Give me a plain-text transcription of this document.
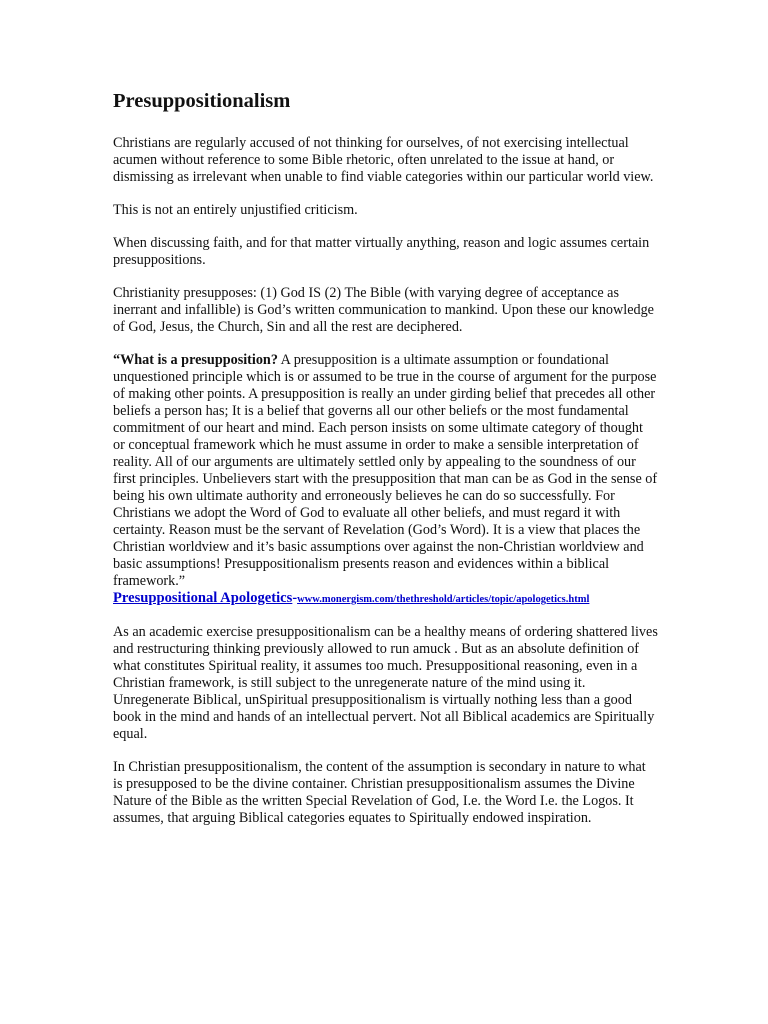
Presuppositionalism

Christians are regularly accused of not thinking for ourselves, of not exercising intellectual acumen without reference to some Bible rhetoric, often unrelated to the issue at hand, or dismissing as irrelevant when unable to find viable categories within our particular world view.

This is not an entirely unjustified criticism.

When discussing faith, and for that matter virtually anything, reason and logic assumes certain presuppositions.

Christianity presupposes: (1) God IS (2) The Bible (with varying degree of acceptance as inerrant and infallible) is God’s written communication to mankind. Upon these our knowledge of God, Jesus, the Church, Sin and all the rest are deciphered.

“What is a presupposition? A presupposition is a ultimate assumption or foundational unquestioned principle which is or assumed to be true in the course of argument for the purpose of making other points. A presupposition is really an under girding belief that precedes all other beliefs a person has; It is a belief that governs all our other beliefs or the most fundamental commitment of our heart and mind. Each person insists on some ultimate category of thought or conceptual framework which he must assume in order to make a sensible interpretation of reality. All of our arguments are ultimately settled only by appealing to the soundness of our first principles. Unbelievers start with the presupposition that man can be as God in the sense of being his own ultimate authority and erroneously believes he can do so successfully. For Christians we adopt the Word of God to evaluate all other beliefs, and must regard it with certainty. Reason must be the servant of Revelation (God’s Word). It is a view that places the Christian worldview and it’s basic assumptions over against the non-Christian worldview and basic assumptions! Presuppositionalism presents reason and evidences within a biblical framework.”
Presuppositional Apologetics-www.monergism.com/thethreshold/articles/topic/apologetics.html

As an academic exercise presuppositionalism can be a healthy means of ordering shattered lives and restructuring thinking previously allowed to run amuck . But as an absolute definition of what constitutes Spiritual reality, it assumes too much. Presuppositional reasoning, even in a Christian framework, is still subject to the unregenerate nature of the mind using it. Unregenerate Biblical, unSpiritual presuppositionalism is virtually nothing less than a good book in the mind and hands of an intellectual pervert. Not all Biblical academics are Spiritually equal.

In Christian presuppositionalism, the content of the assumption is secondary in nature to what is presupposed to be the divine container. Christian presuppositionalism assumes the Divine Nature of the Bible as the written Special Revelation of God, I.e. the Word I.e. the Logos. It assumes, that arguing Biblical categories equates to Spiritually endowed inspiration.
